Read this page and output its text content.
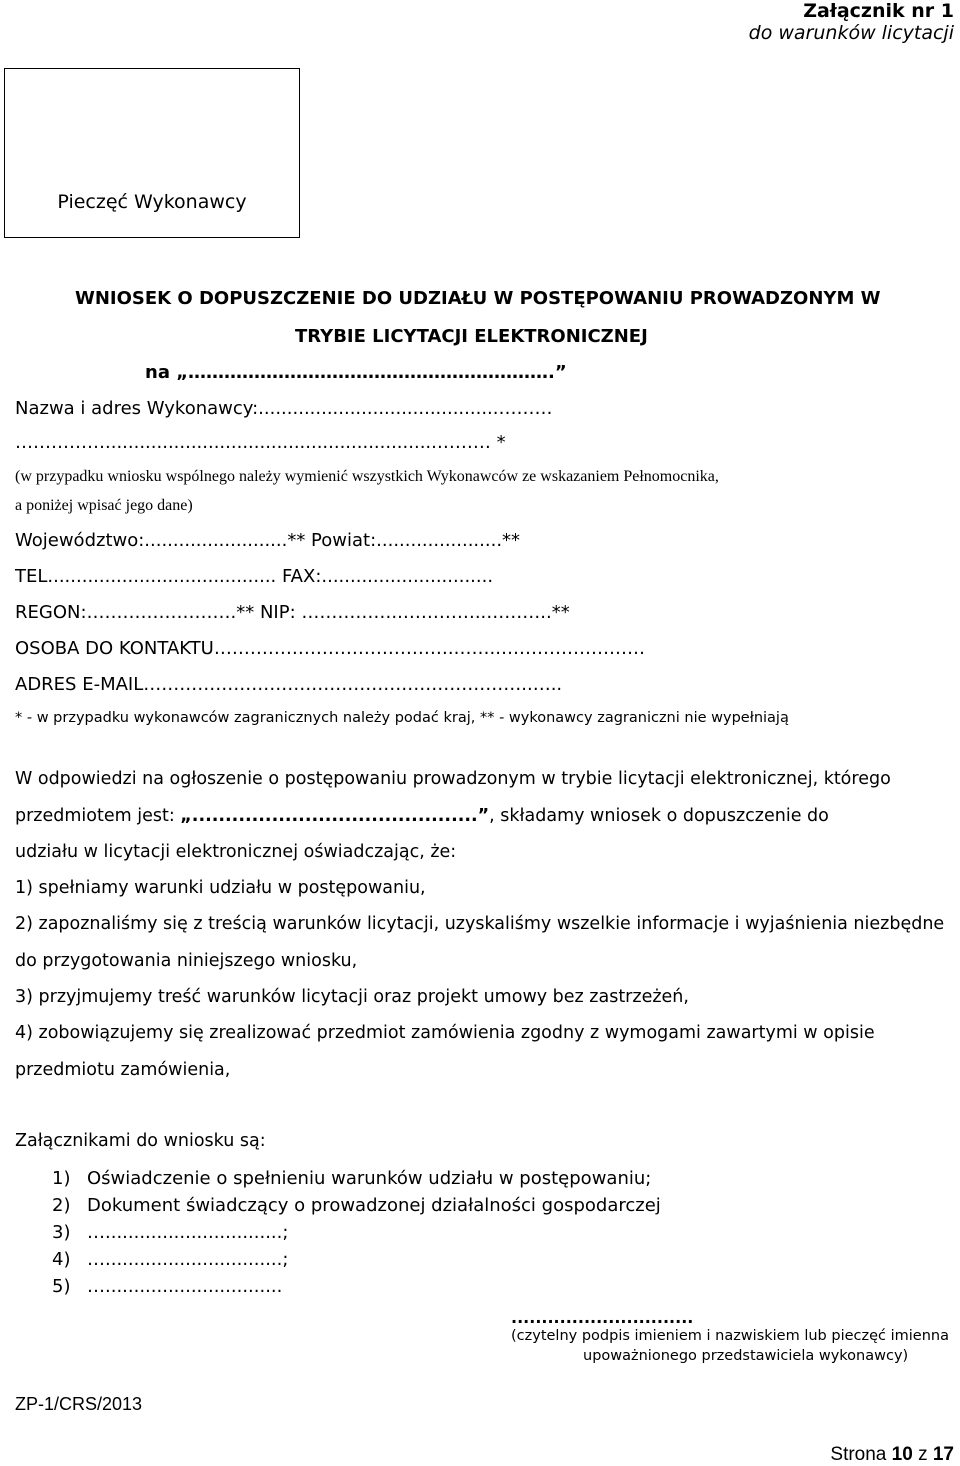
Załącznik nr 1
do warunków licytacji
Pieczęć Wykonawcy
WNIOSEK O DOPUSZCZENIE DO UDZIAŁU W POSTĘPOWANIU PROWADZONYM W
TRYBIE LICYTACJI ELEKTRONICZNEJ
na „…………………………………………………….”
Nazwa i adres Wykonawcy:..........................................………
……………..........................................................……… *
(w przypadku wniosku wspólnego należy wymienić wszystkich Wykonawców ze wskazaniem Pełnomocnika,
a poniżej wpisać jego dane)
Województwo:.........................** Powiat:......................**
TEL........................................ FAX:..............................
REGON:…………………….** NIP: ……………..…………..………..**
OSOBA DO KONTAKTU………………………………….……..……………………
ADRES E-MAIL………………………………………………………..…..
* - w przypadku wykonawców zagranicznych należy podać kraj, ** - wykonawcy zagraniczni nie wypełniają
W odpowiedzi na ogłoszenie o postępowaniu prowadzonym w trybie licytacji elektronicznej, którego
przedmiotem jest: „...........................................”, składamy wniosek o dopuszczenie do
udziału w licytacji elektronicznej oświadczając, że:
1) spełniamy warunki udziału w postępowaniu,
2) zapoznaliśmy się z treścią warunków licytacji, uzyskaliśmy wszelkie informacje i wyjaśnienia niezbędne
do przygotowania niniejszego wniosku,
3) przyjmujemy treść warunków licytacji oraz projekt umowy bez zastrzeżeń,
4) zobowiązujemy się zrealizować przedmiot zamówienia zgodny z wymogami zawartymi w opisie
przedmiotu zamówienia,
Załącznikami do wniosku są:
1) Oświadczenie o spełnieniu warunków udziału w postępowaniu;
2) Dokument świadczący o prowadzonej działalności gospodarczej
3) …...............................;
4) …...............................;
5) …...............................
..............................
(czytelny podpis imieniem i nazwiskiem lub pieczęć imienna
upoważnionego przedstawiciela wykonawcy)
ZP-1/CRS/2013
Strona 10 z 17
